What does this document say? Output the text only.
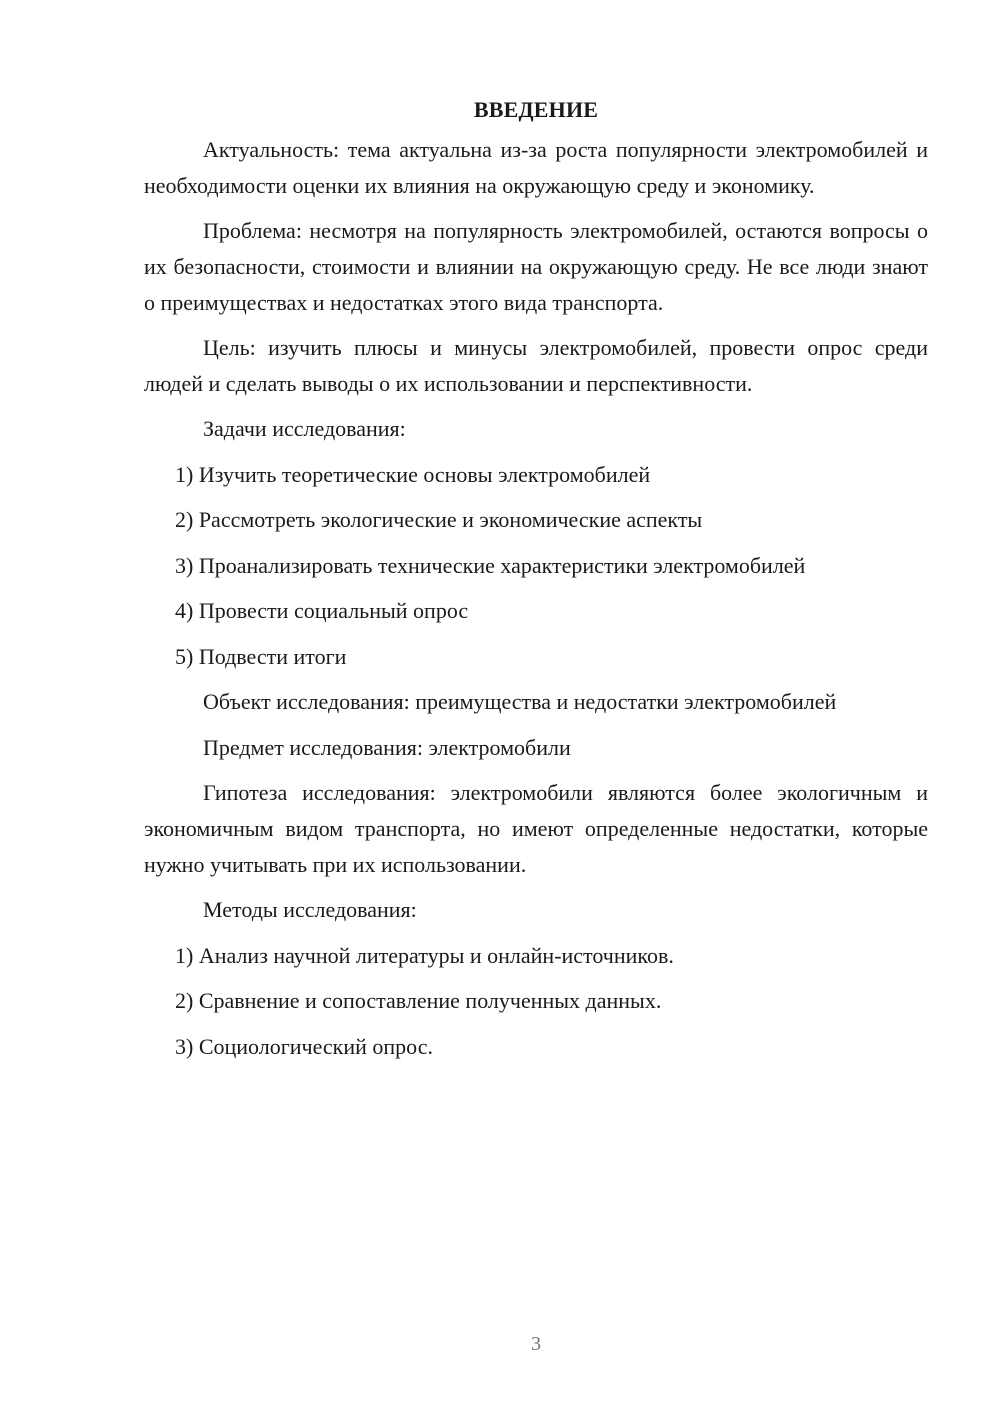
ВВЕДЕНИЕ

Актуальность: тема актуальна из-за роста популярности электромобилей и необходимости оценки их влияния на окружающую среду и экономику.

Проблема: несмотря на популярность электромобилей, остаются вопросы о их безопасности, стоимости и влиянии на окружающую среду. Не все люди знают о преимуществах и недостатках этого вида транспорта.

Цель: изучить плюсы и минусы электромобилей, провести опрос среди людей и сделать выводы о их использовании и перспективности.

Задачи исследования:
1) Изучить теоретические основы электромобилей
2) Рассмотреть экологические и экономические аспекты
3) Проанализировать технические характеристики электромобилей
4) Провести социальный опрос
5) Подвести итоги
Объект исследования: преимущества и недостатки электромобилей
Предмет исследования: электромобили

Гипотеза исследования: электромобили являются более экологичным и экономичным видом транспорта, но имеют определенные недостатки, которые нужно учитывать при их использовании.

Методы исследования:
1) Анализ научной литературы и онлайн-источников.
2) Сравнение и сопоставление полученных данных.
3) Социологический опрос.
3
